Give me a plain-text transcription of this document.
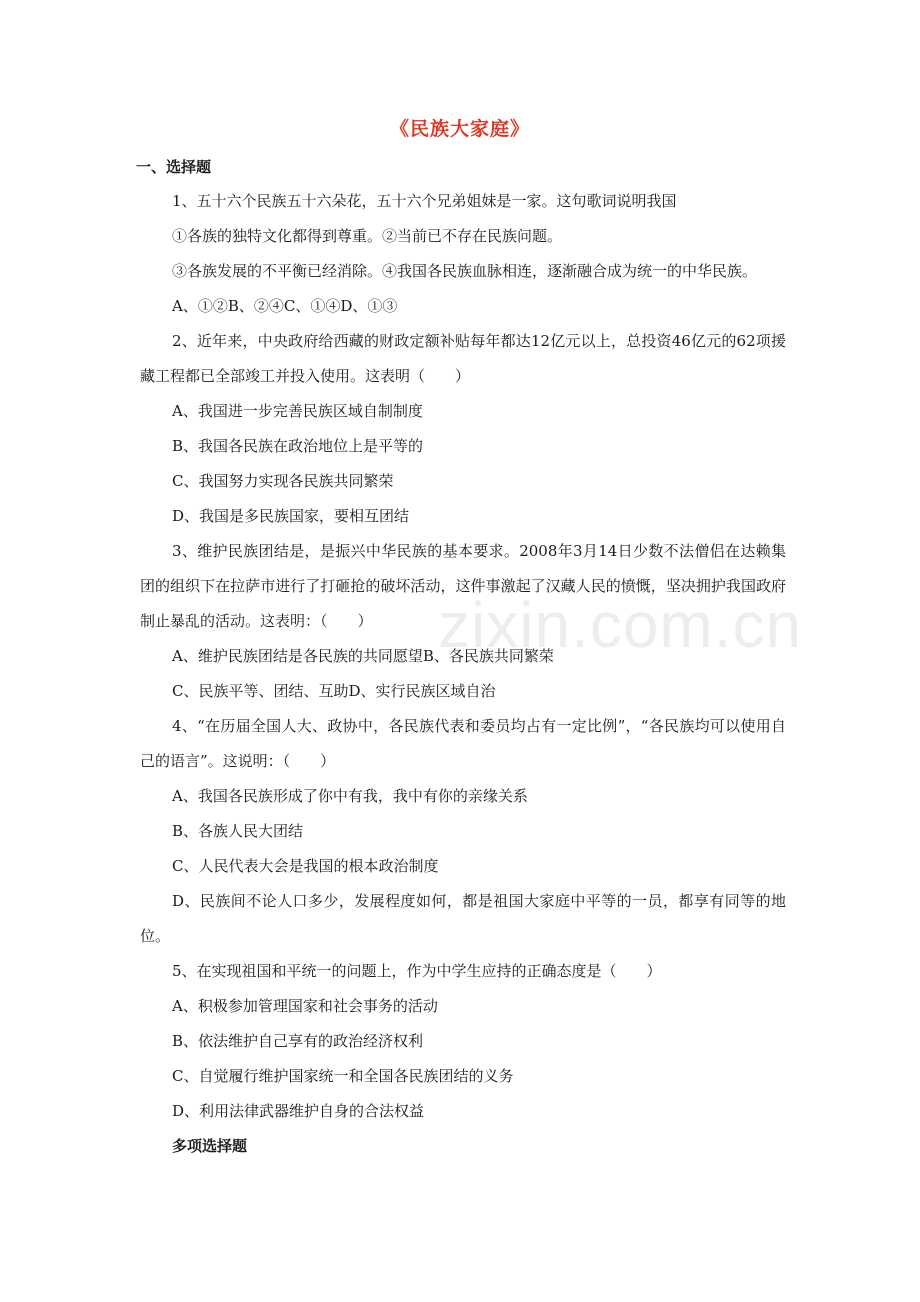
《民族大家庭》
一、选择题

1、五十六个民族五十六朵花，五十六个兄弟姐妹是一家。这句歌词说明我国

①各族的独特文化都得到尊重。②当前已不存在民族问题。

③各族发展的不平衡已经消除。④我国各民族血脉相连，逐渐融合成为统一的中华民族。

A、①②B、②④C、①④D、①③

2、近年来，中央政府给西藏的财政定额补贴每年都达12亿元以上，总投资46亿元的62项援藏工程都已全部竣工并投入使用。这表明（　　）

A、我国进一步完善民族区域自制制度

B、我国各民族在政治地位上是平等的

C、我国努力实现各民族共同繁荣

D、我国是多民族国家，要相互团结

3、维护民族团结是，是振兴中华民族的基本要求。2008年3月14日少数不法僧侣在达赖集团的组织下在拉萨市进行了打砸抢的破坏活动，这件事激起了汉藏人民的愤慨，坚决拥护我国政府制止暴乱的活动。这表明：（　　）

A、维护民族团结是各民族的共同愿望B、各民族共同繁荣

C、民族平等、团结、互助D、实行民族区域自治

4、“在历届全国人大、政协中，各民族代表和委员均占有一定比例”，“各民族均可以使用自己的语言”。这说明：（　　）

A、我国各民族形成了你中有我，我中有你的亲缘关系

B、各族人民大团结

C、人民代表大会是我国的根本政治制度

D、民族间不论人口多少，发展程度如何，都是祖国大家庭中平等的一员，都享有同等的地位。

5、在实现祖国和平统一的问题上，作为中学生应持的正确态度是（　　）

A、积极参加管理国家和社会事务的活动

B、依法维护自己享有的政治经济权利

C、自觉履行维护国家统一和全国各民族团结的义务

D、利用法律武器维护自身的合法权益

多项选择题

zixin.com.cn
